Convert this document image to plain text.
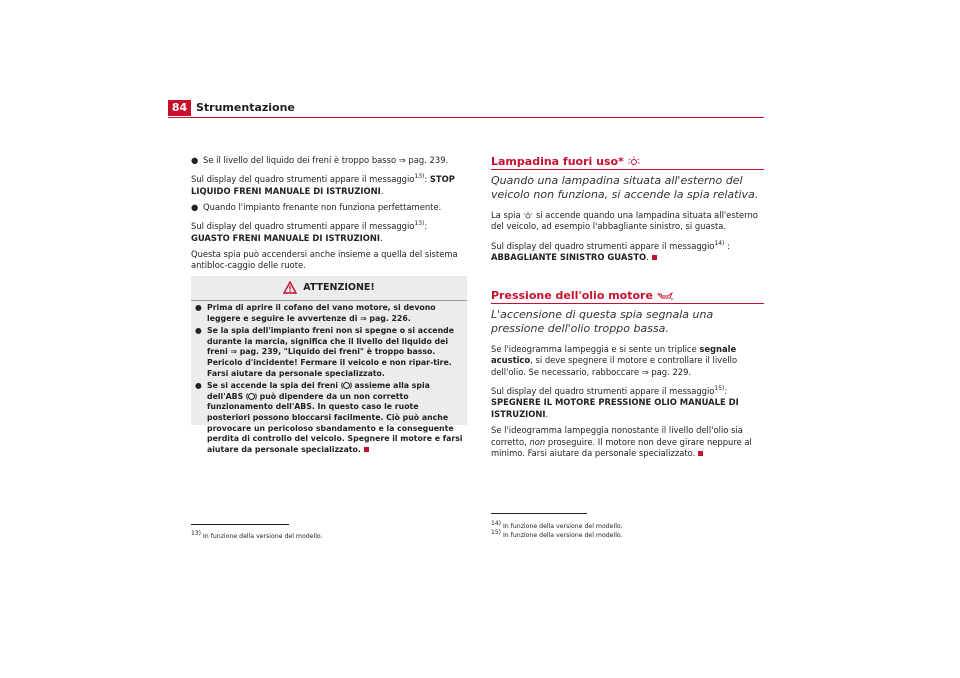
84 Strumentazione

● Se il livello del liquido dei freni è troppo basso ⇒ pag. 239.

Sul display del quadro strumenti appare il messaggio$^{13)}$: STOP LIQUIDO FRENI MANUALE DI ISTRUZIONI.

● Quando l'impianto frenante non funziona perfettamente.

Sul display del quadro strumenti appare il messaggio$^{13)}$: GUASTO FRENI MANUALE DI ISTRUZIONI.

Questa spia può accendersi anche insieme a quella del sistema antibloc-caggio delle ruote.

ATTENZIONE!

● Prima di aprire il cofano del vano motore, si devono leggere e seguire le avvertenze di ⇒ pag. 226.

● Se la spia dell'impianto freni non si spegne o si accende durante la marcia, significa che il livello del liquido dei freni ⇒ pag. 239, "Liquido dei freni" è troppo basso. Pericolo d'incidente! Fermare il veicolo e non ripar-tire. Farsi aiutare da personale specializzato.

● Se si accende la spia dei freni assieme alla spia dell'ABS può dipendere da un non corretto funzionamento dell'ABS. In questo caso le ruote posteriori possono bloccarsi facilmente. Ciò può anche provocare un pericoloso sbandamento e la conseguente perdita di controllo del veicolo. Spegnere il motore e farsi aiutare da personale specializzato.

$^{13)}$ In funzione della versione del modello.
Lampadina fuori uso*
Quando una lampadina situata all'esterno del veicolo non funziona, si accende la spia relativa.

La spia si accende quando una lampadina situata all'esterno del veicolo, ad esempio l'abbagliante sinistro, si guasta.

Sul display del quadro strumenti appare il messaggio$^{14)}$ : ABBAGLIANTE SINISTRO GUASTO.

Pressione dell'olio motore
L'accensione di questa spia segnala una pressione dell'olio troppo bassa.

Se l'ideogramma lampeggia e si sente un triplice segnale acustico, si deve spegnere il motore e controllare il livello dell'olio. Se necessario, rabboccare ⇒ pag. 229.

Sul display del quadro strumenti appare il messaggio$^{15)}$: SPEGNERE IL MOTORE PRESSIONE OLIO MANUALE DI ISTRUZIONI.

Se l'ideogramma lampeggia nonostante il livello dell'olio sia corretto, non proseguire. Il motore non deve girare neppure al minimo. Farsi aiutare da personale specializzato.

$^{14)}$ In funzione della versione del modello.
$^{15)}$ In funzione della versione del modello.
